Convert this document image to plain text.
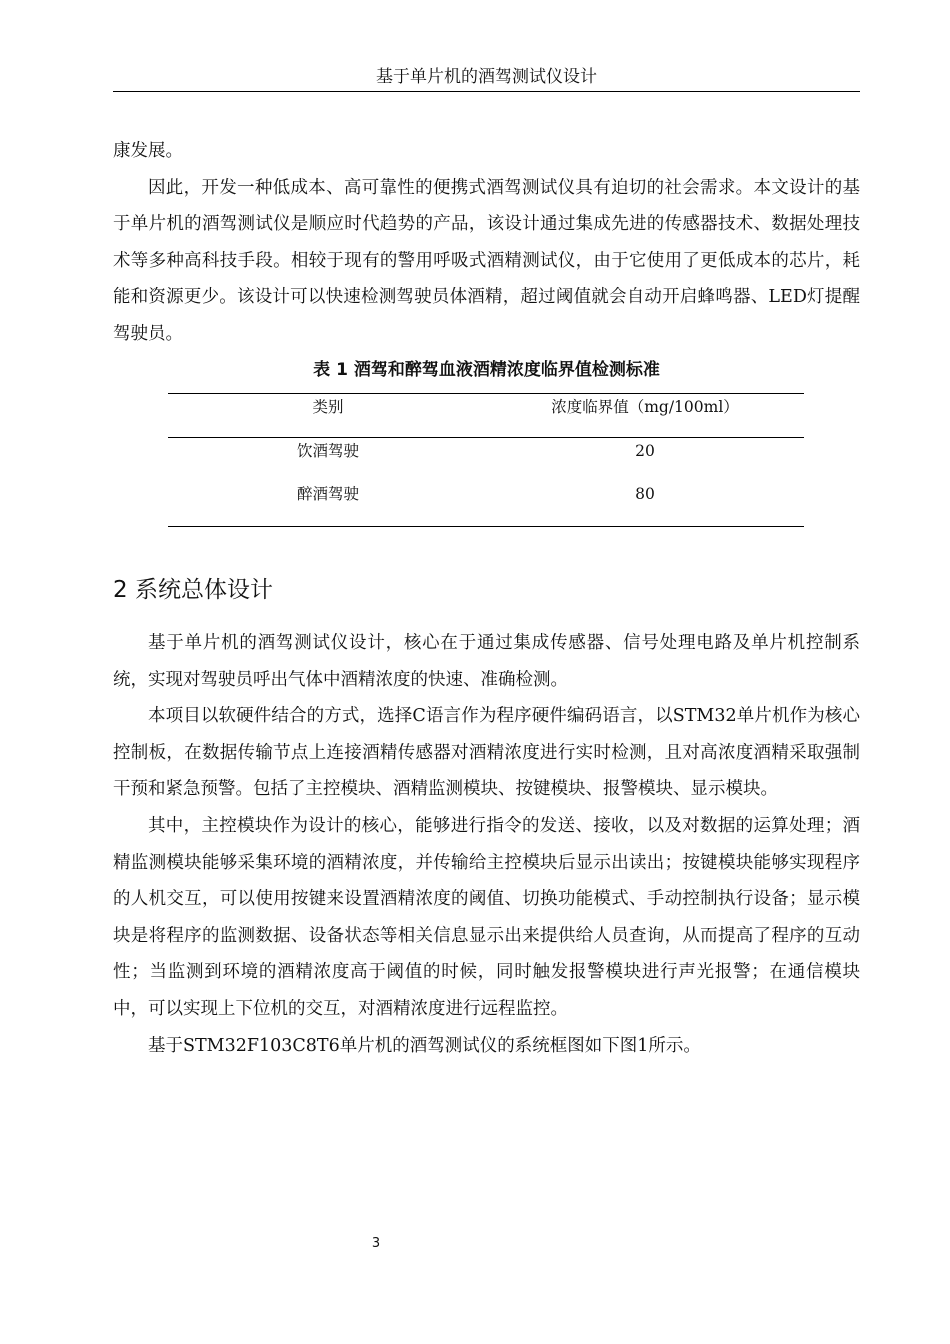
基于单片机的酒驾测试仪设计

康发展。

因此，开发一种低成本、高可靠性的便携式酒驾测试仪具有迫切的社会需求。本文设计的基于单片机的酒驾测试仪是顺应时代趋势的产品，该设计通过集成先进的传感器技术、数据处理技术等多种高科技手段。相较于现有的警用呼吸式酒精测试仪，由于它使用了更低成本的芯片，耗能和资源更少。该设计可以快速检测驾驶员体酒精，超过阈值就会自动开启蜂鸣器、LED灯提醒驾驶员。

表 1 酒驾和醉驾血液酒精浓度临界值检测标准
类别	浓度临界值（mg/100ml）
饮酒驾驶	20
醉酒驾驶	80
2 系统总体设计

基于单片机的酒驾测试仪设计，核心在于通过集成传感器、信号处理电路及单片机控制系统，实现对驾驶员呼出气体中酒精浓度的快速、准确检测。

本项目以软硬件结合的方式，选择C语言作为程序硬件编码语言，以STM32单片机作为核心控制板，在数据传输节点上连接酒精传感器对酒精浓度进行实时检测，且对高浓度酒精采取强制干预和紧急预警。包括了主控模块、酒精监测模块、按键模块、报警模块、显示模块。

其中，主控模块作为设计的核心，能够进行指令的发送、接收，以及对数据的运算处理；酒精监测模块能够采集环境的酒精浓度，并传输给主控模块后显示出读出；按键模块能够实现程序的人机交互，可以使用按键来设置酒精浓度的阈值、切换功能模式、手动控制执行设备；显示模块是将程序的监测数据、设备状态等相关信息显示出来提供给人员查询，从而提高了程序的互动性；当监测到环境的酒精浓度高于阈值的时候，同时触发报警模块进行声光报警；在通信模块中，可以实现上下位机的交互，对酒精浓度进行远程监控。

基于STM32F103C8T6单片机的酒驾测试仪的系统框图如下图1所示。

3
